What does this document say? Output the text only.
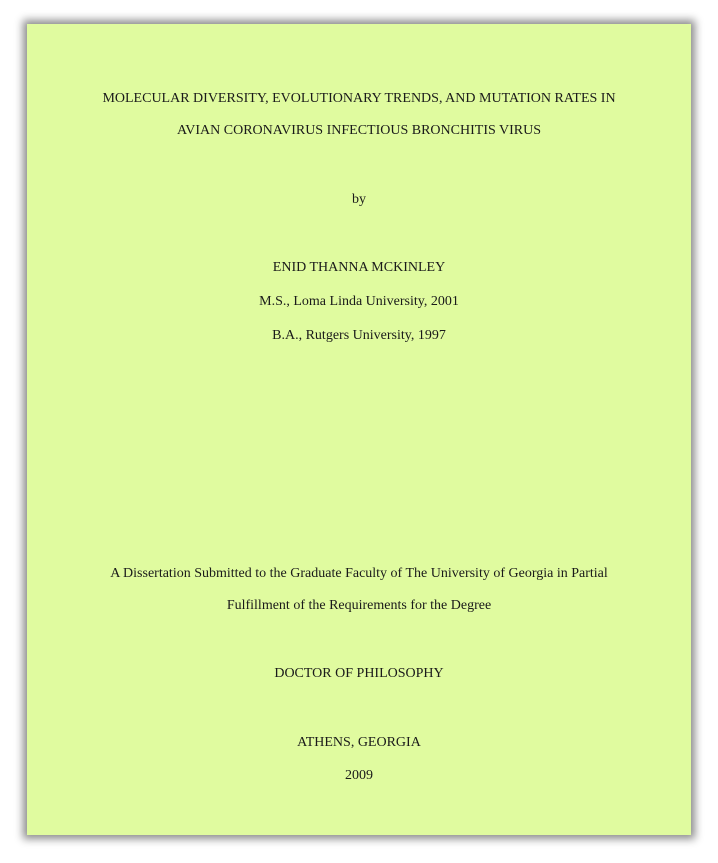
MOLECULAR DIVERSITY, EVOLUTIONARY TRENDS, AND MUTATION RATES IN

AVIAN CORONAVIRUS INFECTIOUS BRONCHITIS VIRUS

by

ENID THANNA MCKINLEY

M.S., Loma Linda University, 2001

B.A., Rutgers University, 1997

A Dissertation Submitted to the Graduate Faculty of The University of Georgia in Partial

Fulfillment of the Requirements for the Degree

DOCTOR OF PHILOSOPHY

ATHENS, GEORGIA

2009
